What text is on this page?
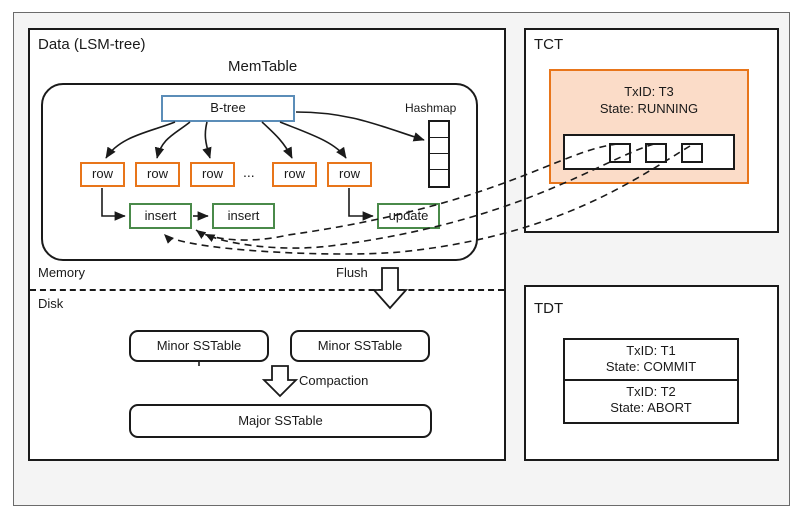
Data (LSM-tree)
MemTable
B-tree	Hashmap
row	row	row	...	row	row
insert	insert	update
Memory
Disk
Flush
Minor SSTable	Minor SSTable
Major SSTable
Compaction
TCT
TxID: T3
State: RUNNING
TDT
TxID: T1
State: COMMIT
TxID: T2
State: ABORT
